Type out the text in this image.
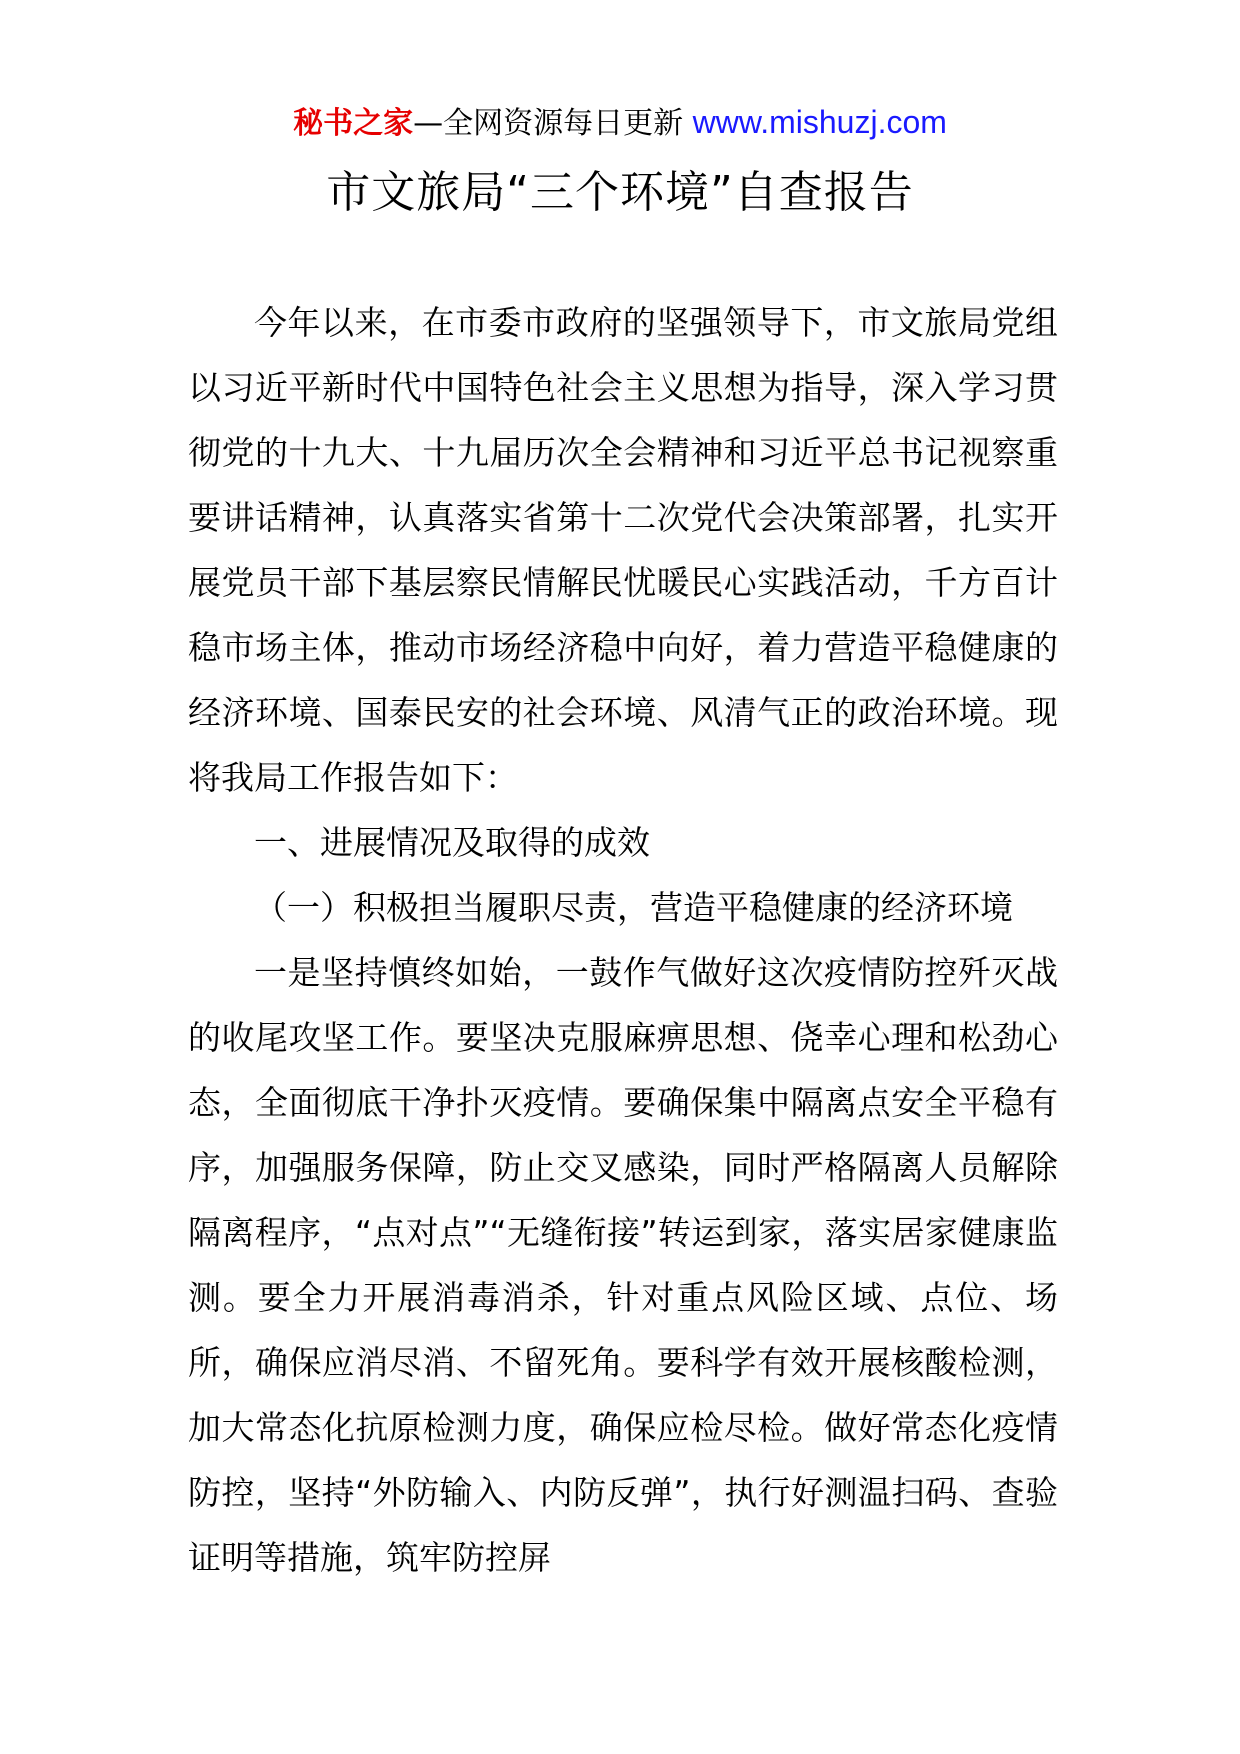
秘书之家—全网资源每日更新 www.mishuzj.com
市文旅局“三个环境”自查报告

今年以来，在市委市政府的坚强领导下，市文旅局党组以习近平新时代中国特色社会主义思想为指导，深入学习贯彻党的十九大、十九届历次全会精神和习近平总书记视察重要讲话精神，认真落实省第十二次党代会决策部署，扎实开展党员干部下基层察民情解民忧暖民心实践活动，千方百计稳市场主体，推动市场经济稳中向好，着力营造平稳健康的经济环境、国泰民安的社会环境、风清气正的政治环境。现将我局工作报告如下：

一、进展情况及取得的成效

（一）积极担当履职尽责，营造平稳健康的经济环境

一是坚持慎终如始，一鼓作气做好这次疫情防控歼灭战的收尾攻坚工作。要坚决克服麻痹思想、侥幸心理和松劲心态，全面彻底干净扑灭疫情。要确保集中隔离点安全平稳有序，加强服务保障，防止交叉感染，同时严格隔离人员解除隔离程序，“点对点”“无缝衔接”转运到家，落实居家健康监测。要全力开展消毒消杀，针对重点风险区域、点位、场所，确保应消尽消、不留死角。要科学有效开展核酸检测，加大常态化抗原检测力度，确保应检尽检。做好常态化疫情防控，坚持“外防输入、内防反弹”，执行好测温扫码、查验证明等措施，筑牢防控屏
